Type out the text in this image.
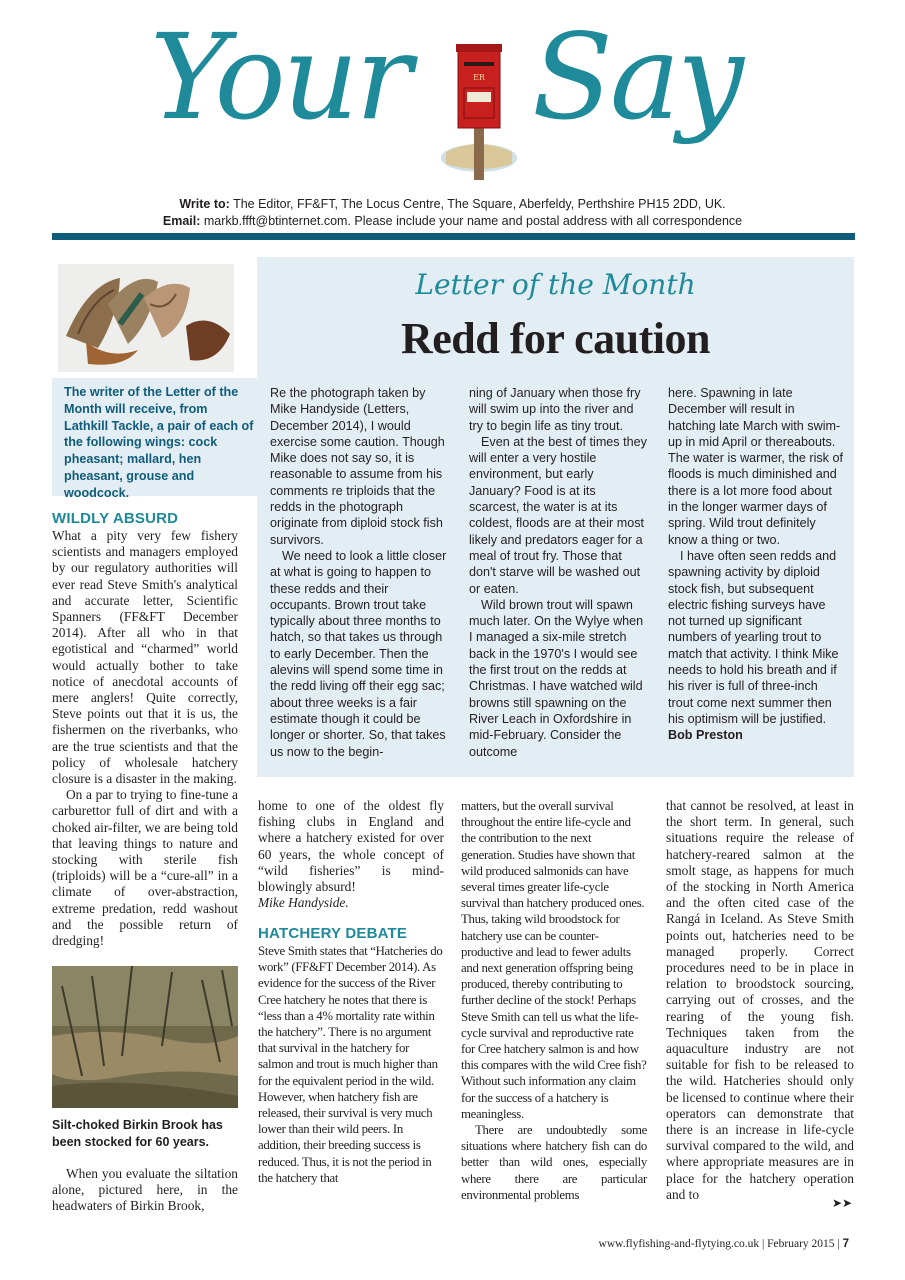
Your	ER Say
Write to: The Editor, FF&FT, The Locus Centre, The Square, Aberfeldy, Perthshire PH15 2DD, UK.
Email: markb.ffft@btinternet.com. Please include your name and postal address with all correspondence
Letter of the Month
Redd for caution
The writer of the Letter of the Month will receive, from Lathkill Tackle, a pair of each of the following wings: cock pheasant; mallard, hen pheasant, grouse and woodcock.

Re the photograph taken by Mike Handyside (Letters, December 2014), I would exercise some caution. Though Mike does not say so, it is reasonable to assume from his comments re triploids that the redds in the photograph originate from diploid stock fish survivors.

We need to look a little closer at what is going to happen to these redds and their occupants. Brown trout take typically about three months to hatch, so that takes us through to early December. Then the alevins will spend some time in the redd living off their egg sac; about three weeks is a fair estimate though it could be longer or shorter. So, that takes us now to the begin-

ning of January when those fry will swim up into the river and try to begin life as tiny trout.

Even at the best of times they will enter a very hostile environment, but early January? Food is at its scarcest, the water is at its coldest, floods are at their most likely and predators eager for a meal of trout fry. Those that don't starve will be washed out or eaten.

Wild brown trout will spawn much later. On the Wylye when I managed a six-mile stretch back in the 1970's I would see the first trout on the redds at Christmas. I have watched wild browns still spawning on the River Leach in Oxfordshire in mid-February. Consider the outcome

here. Spawning in late December will result in hatching late March with swim-up in mid April or thereabouts. The water is warmer, the risk of floods is much diminished and there is a lot more food about in the longer warmer days of spring. Wild trout definitely know a thing or two.

I have often seen redds and spawning activity by diploid stock fish, but subsequent electric fishing surveys have not turned up significant numbers of yearling trout to match that activity. I think Mike needs to hold his breath and if his river is full of three-inch trout come next summer then his optimism will be justified.

Bob Preston

WILDLY ABSURD

What a pity very few fishery scientists and managers employed by our regulatory authorities will ever read Steve Smith's analytical and accurate letter, Scientific Spanners (FF&FT December 2014). After all who in that egotistical and “charmed” world would actually bother to take notice of anecdotal accounts of mere anglers! Quite correctly, Steve points out that it is us, the fishermen on the riverbanks, who are the true scientists and that the policy of wholesale hatchery closure is a disaster in the making.

On a par to trying to fine-tune a carburettor full of dirt and with a choked air-filter, we are being told that leaving things to nature and stocking with sterile fish (triploids) will be a “cure-all” in a climate of over-abstraction, extreme predation, redd washout and the possible return of dredging!

Silt-choked Birkin Brook has been stocked for 60 years.

When you evaluate the siltation alone, pictured here, in the headwaters of Birkin Brook,

home to one of the oldest fly fishing clubs in England and where a hatchery existed for over 60 years, the whole concept of “wild fisheries” is mind-blowingly absurd!

Mike Handyside.

HATCHERY DEBATE

Steve Smith states that “Hatcheries do work” (FF&FT December 2014). As evidence for the success of the River Cree hatchery he notes that there is “less than a 4% mortality rate within the hatchery”. There is no argument that survival in the hatchery for salmon and trout is much higher than for the equivalent period in the wild. However, when hatchery fish are released, their survival is very much lower than their wild peers. In addition, their breeding success is reduced. Thus, it is not the period in the hatchery that

matters, but the overall survival throughout the entire life-cycle and the contribution to the next generation. Studies have shown that wild produced salmonids can have several times greater life-cycle survival than hatchery produced ones. Thus, taking wild broodstock for hatchery use can be counter-productive and lead to fewer adults and next generation offspring being produced, thereby contributing to further decline of the stock! Perhaps Steve Smith can tell us what the life-cycle survival and reproductive rate for Cree hatchery salmon is and how this compares with the wild Cree fish? Without such information any claim for the success of a hatchery is meaningless.

There are undoubtedly some situations where hatchery fish can do better than wild ones, especially where there are particular environmental problems

that cannot be resolved, at least in the short term. In general, such situations require the release of hatchery-reared salmon at the smolt stage, as happens for much of the stocking in North America and the often cited case of the Rangá in Iceland. As Steve Smith points out, hatcheries need to be managed properly. Correct procedures need to be in place in relation to broodstock sourcing, carrying out of crosses, and the rearing of the young fish. Techniques taken from the aquaculture industry are not suitable for fish to be released to the wild. Hatcheries should only be licensed to continue where their operators can demonstrate that there is an increase in life-cycle survival compared to the wild, and where appropriate measures are in place for the hatchery operation and to

➤➤
www.flyfishing-and-flytying.co.uk | February 2015 | 7
